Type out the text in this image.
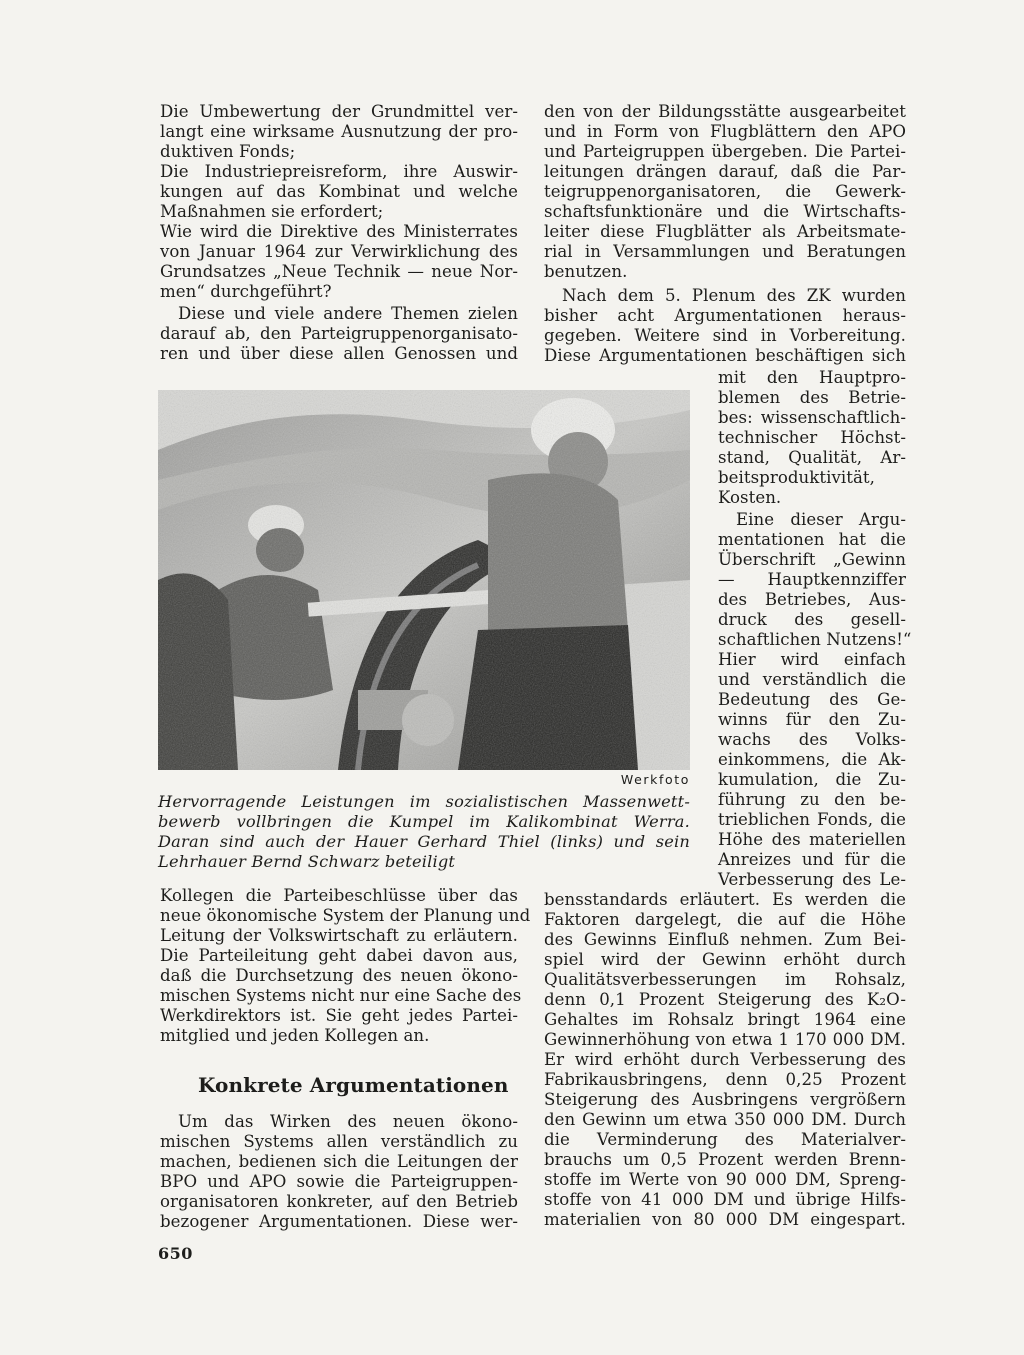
Werkfoto
Die Umbewertung der Grundmittel ver-
langt eine wirksame Ausnutzung der pro-
duktiven Fonds;
Die Industriepreisreform, ihre Auswir-
kungen auf das Kombinat und welche
Maßnahmen sie erfordert;
Wie wird die Direktive des Ministerrates
von Januar 1964 zur Verwirklichung des
Grundsatzes „Neue Technik — neue Nor-
men“ durchgeführt?
Diese und viele andere Themen zielen
darauf ab, den Parteigruppenorganisato-
ren und über diese allen Genossen und
den von der Bildungsstätte ausgearbeitet
und in Form von Flugblättern den APO
und Parteigruppen übergeben. Die Partei-
leitungen drängen darauf, daß die Par-
teigruppenorganisatoren, die Gewerk-
schaftsfunktionäre und die Wirtschafts-
leiter diese Flugblätter als Arbeitsmate-
rial in Versammlungen und Beratungen
benutzen.
Nach dem 5. Plenum des ZK wurden
bisher acht Argumentationen heraus-
gegeben. Weitere sind in Vorbereitung.
Diese Argumentationen beschäftigen sich
mit den Hauptpro-
blemen des Betrie-
bes: wissenschaftlich-
technischer Höchst-
stand, Qualität, Ar-
beitsproduktivität,
Kosten.
Eine dieser Argu-
mentationen hat die
Überschrift „Gewinn
— Hauptkennziffer
des Betriebes, Aus-
druck des gesell-
schaftlichen Nutzens!“
Hier wird einfach
und verständlich die
Bedeutung des Ge-
winns für den Zu-
wachs des Volks-
einkommens, die Ak-
kumulation, die Zu-
führung zu den be-
trieblichen Fonds, die
Höhe des materiellen
Anreizes und für die
Verbesserung des Le-
Hervorragende Leistungen im sozialistischen Massenwett-
bewerb vollbringen die Kumpel im Kalikombinat Werra.
Daran sind auch der Hauer Gerhard Thiel (links) und sein
Lehrhauer Bernd Schwarz beteiligt
Kollegen die Parteibeschlüsse über das
neue ökonomische System der Planung und
Leitung der Volkswirtschaft zu erläutern.
Die Parteileitung geht dabei davon aus,
daß die Durchsetzung des neuen ökono-
mischen Systems nicht nur eine Sache des
Werkdirektors ist. Sie geht jedes Partei-
mitglied und jeden Kollegen an.
Konkrete Argumentationen
Um das Wirken des neuen ökono-
mischen Systems allen verständlich zu
machen, bedienen sich die Leitungen der
BPO und APO sowie die Parteigruppen-
organisatoren konkreter, auf den Betrieb
bezogener Argumentationen. Diese wer-
bensstandards erläutert. Es werden die
Faktoren dargelegt, die auf die Höhe
des Gewinns Einfluß nehmen. Zum Bei-
spiel wird der Gewinn erhöht durch
Qualitätsverbesserungen im Rohsalz,
denn 0,1 Prozent Steigerung des K₂O-
Gehaltes im Rohsalz bringt 1964 eine
Gewinnerhöhung von etwa 1 170 000 DM.
Er wird erhöht durch Verbesserung des
Fabrikausbringens, denn 0,25 Prozent
Steigerung des Ausbringens vergrößern
den Gewinn um etwa 350 000 DM. Durch
die Verminderung des Materialver-
brauchs um 0,5 Prozent werden Brenn-
stoffe im Werte von 90 000 DM, Spreng-
stoffe von 41 000 DM und übrige Hilfs-
materialien von 80 000 DM eingespart.
650
